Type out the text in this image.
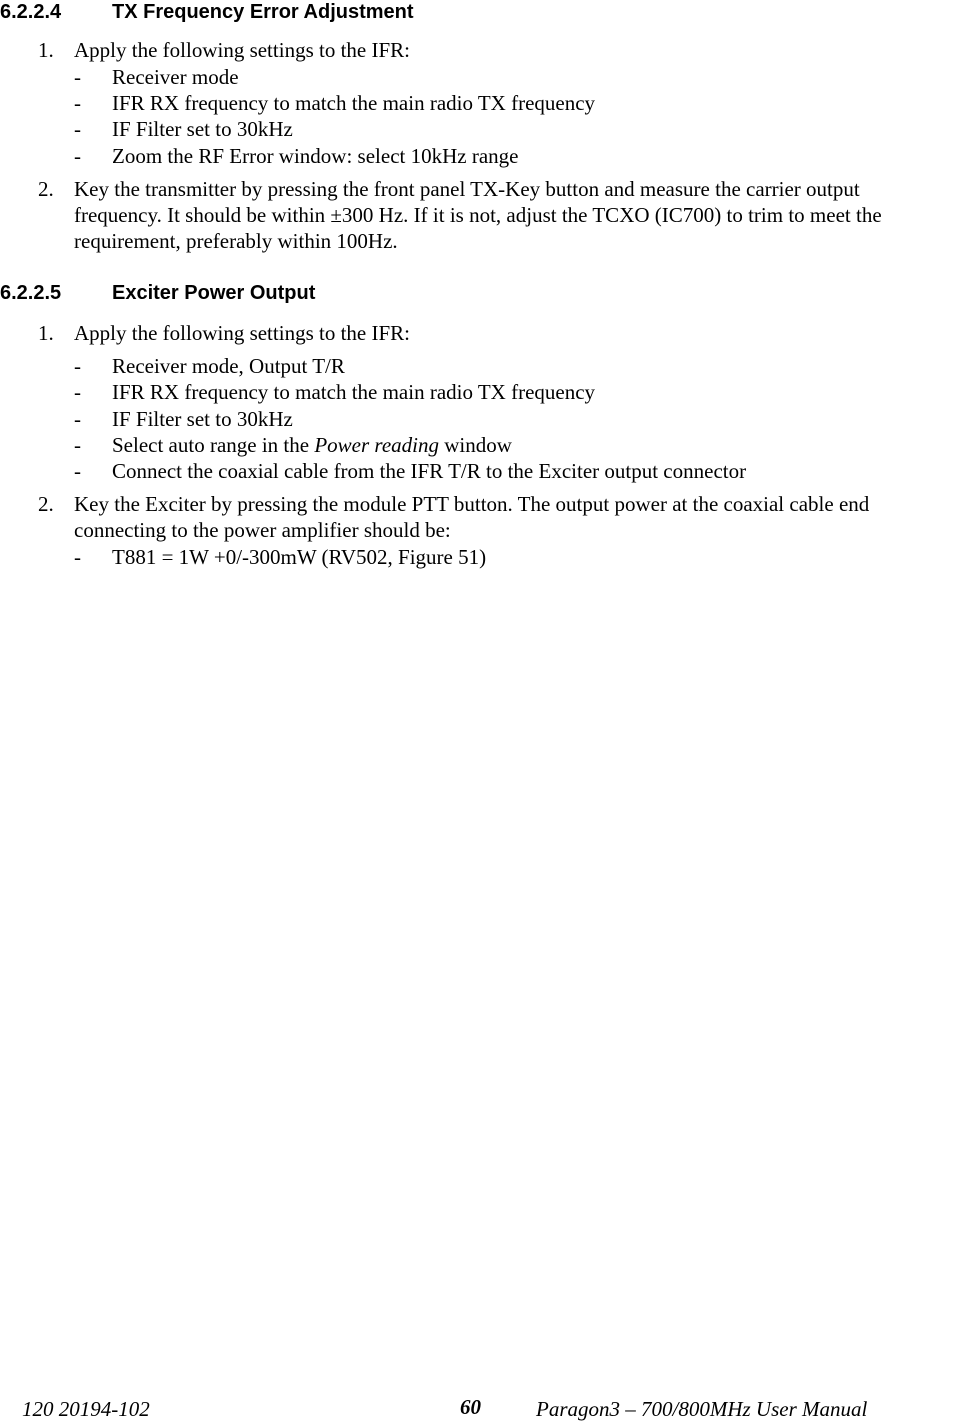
6.2.2.4	TX Frequency Error Adjustment
1. Apply the following settings to the IFR:
- Receiver mode
- IFR RX frequency to match the main radio TX frequency
- IF Filter set to 30kHz
- Zoom the RF Error window: select 10kHz range
2. Key the transmitter by pressing the front panel TX-Key button and measure the carrier output
frequency. It should be within ±300 Hz. If it is not, adjust the TCXO (IC700) to trim to meet the
requirement, preferably within 100Hz.
6.2.2.5	Exciter Power Output
1. Apply the following settings to the IFR:
- Receiver mode, Output T/R
- IFR RX frequency to match the main radio TX frequency
- IF Filter set to 30kHz
- Select auto range in the Power reading window
- Connect the coaxial cable from the IFR T/R to the Exciter output connector
2. Key the Exciter by pressing the module PTT button. The output power at the coaxial cable end
connecting to the power amplifier should be:
- T881 = 1W +0/-300mW (RV502, Figure 51)
120 20194-102	60	Paragon3 – 700/800MHz User Manual
